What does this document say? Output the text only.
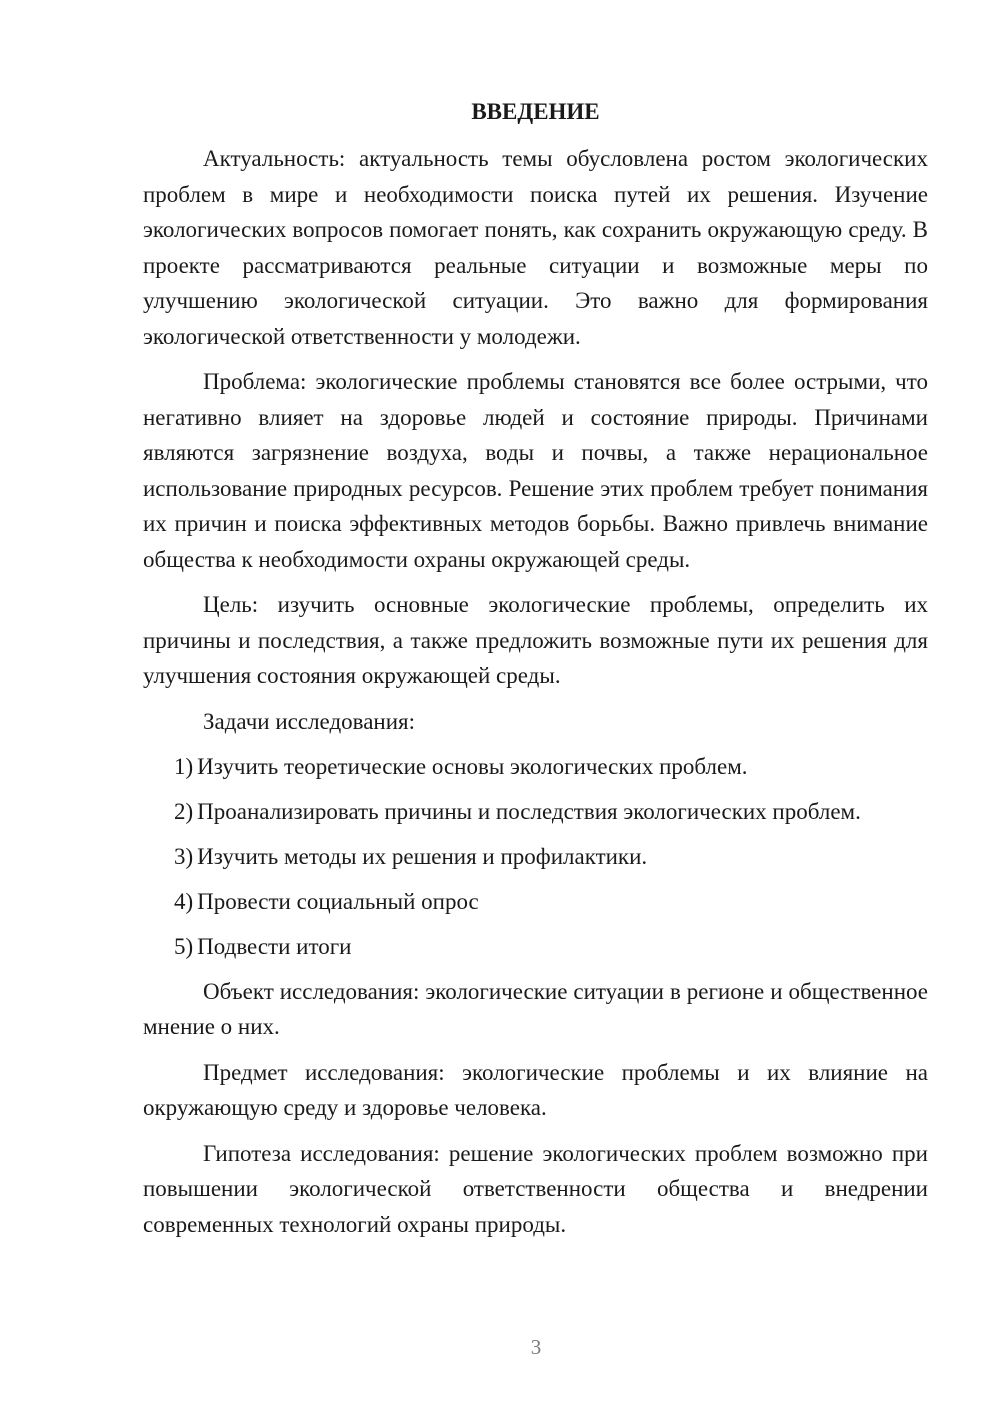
ВВЕДЕНИЕ

Актуальность: актуальность темы обусловлена ростом экологических проблем в мире и необходимости поиска путей их решения. Изучение экологических вопросов помогает понять, как сохранить окружающую среду. В проекте рассматриваются реальные ситуации и возможные меры по улучшению экологической ситуации. Это важно для формирования экологической ответственности у молодежи.

Проблема: экологические проблемы становятся все более острыми, что негативно влияет на здоровье людей и состояние природы. Причинами являются загрязнение воздуха, воды и почвы, а также нерациональное использование природных ресурсов. Решение этих проблем требует понимания их причин и поиска эффективных методов борьбы. Важно привлечь внимание общества к необходимости охраны окружающей среды.

Цель: изучить основные экологические проблемы, определить их причины и последствия, а также предложить возможные пути их решения для улучшения состояния окружающей среды.

Задачи исследования:

1) Изучить теоретические основы экологических проблем.
2) Проанализировать причины и последствия экологических проблем.
3) Изучить методы их решения и профилактики.
4) Провести социальный опрос
5) Подвести итоги

Объект исследования: экологические ситуации в регионе и общественное мнение о них.

Предмет исследования: экологические проблемы и их влияние на окружающую среду и здоровье человека.

Гипотеза исследования: решение экологических проблем возможно при повышении экологической ответственности общества и внедрении современных технологий охраны природы.

3
